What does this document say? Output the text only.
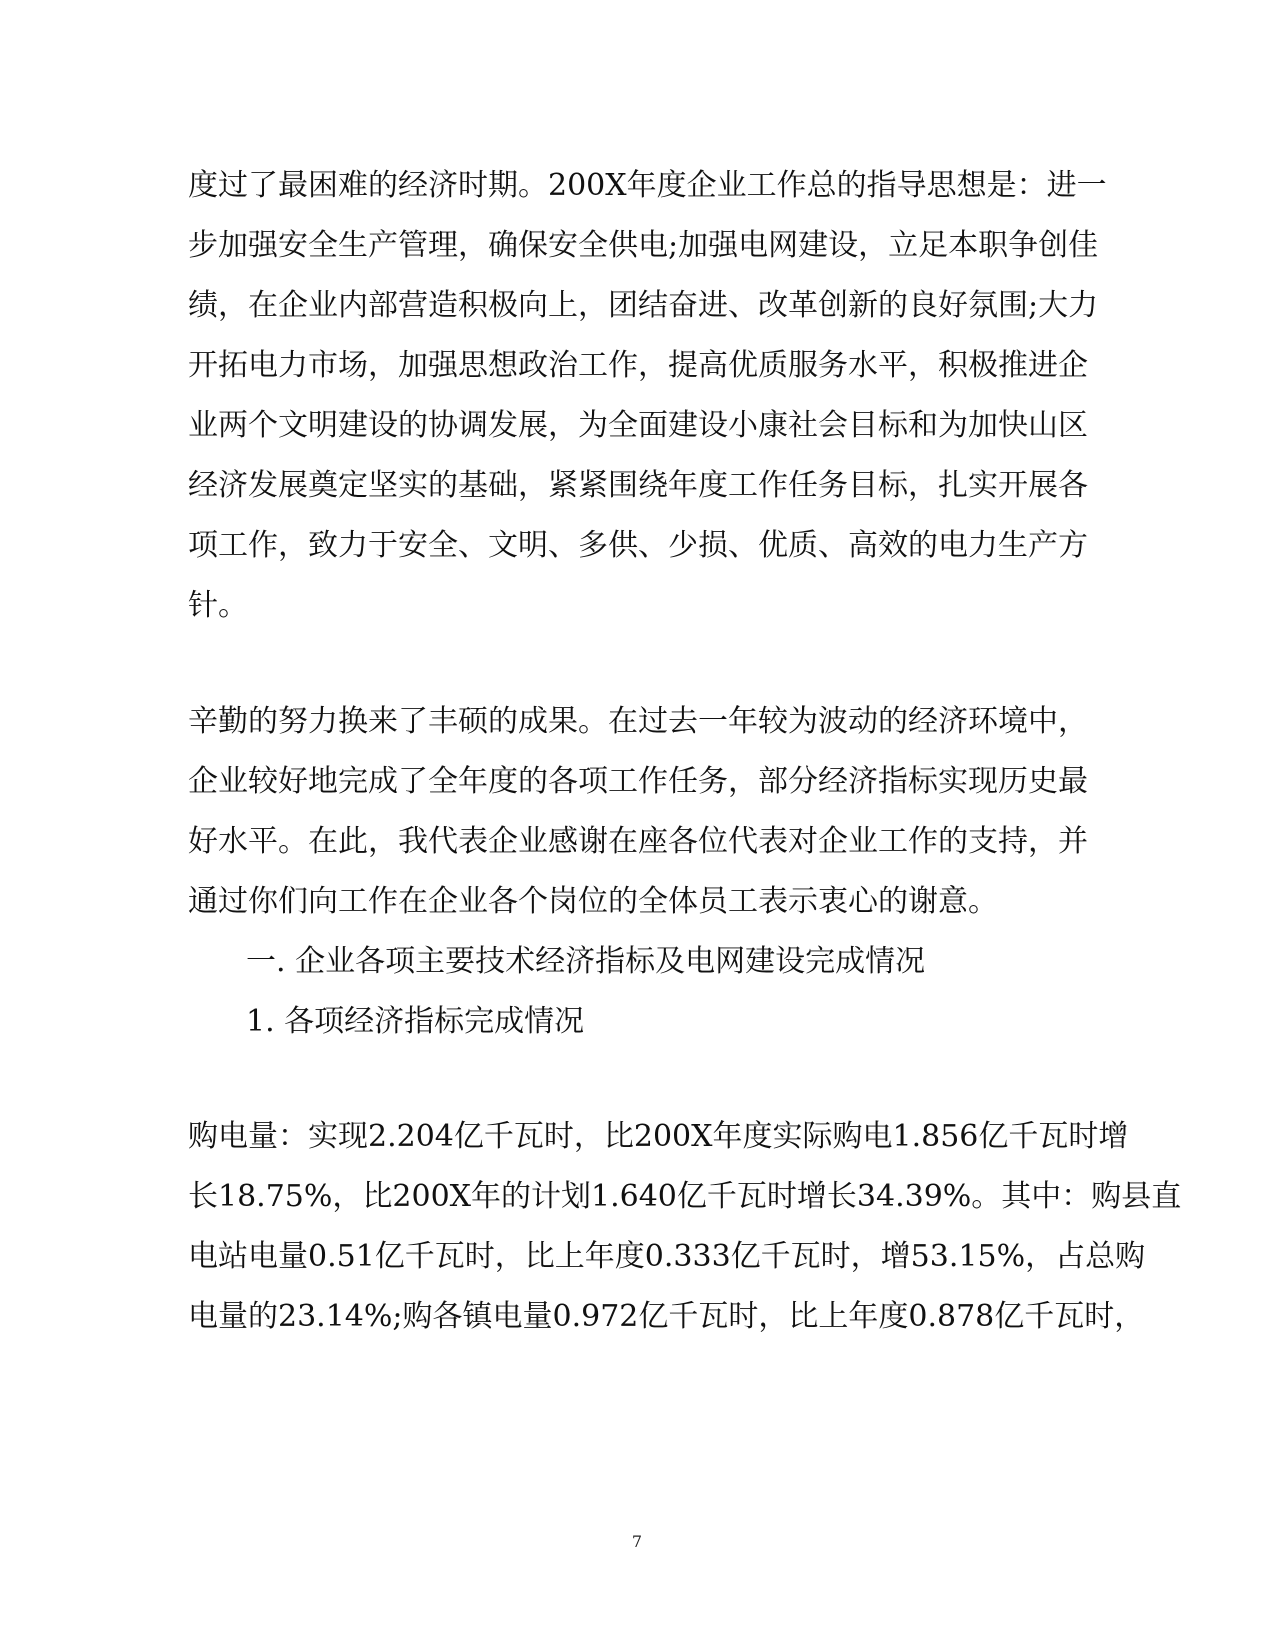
度过了最困难的经济时期。200X年度企业工作总的指导思想是：进一
步加强安全生产管理，确保安全供电;加强电网建设，立足本职争创佳
绩，在企业内部营造积极向上，团结奋进、改革创新的良好氛围;大力
开拓电力市场，加强思想政治工作，提高优质服务水平，积极推进企
业两个文明建设的协调发展，为全面建设小康社会目标和为加快山区
经济发展奠定坚实的基础，紧紧围绕年度工作任务目标，扎实开展各
项工作，致力于安全、文明、多供、少损、优质、高效的电力生产方
针。
辛勤的努力换来了丰硕的成果。在过去一年较为波动的经济环境中，
企业较好地完成了全年度的各项工作任务，部分经济指标实现历史最
好水平。在此，我代表企业感谢在座各位代表对企业工作的支持，并
通过你们向工作在企业各个岗位的全体员工表示衷心的谢意。
一. 企业各项主要技术经济指标及电网建设完成情况
1. 各项经济指标完成情况
购电量：实现2.204亿千瓦时，比200X年度实际购电1.856亿千瓦时增
长18.75%，比200X年的计划1.640亿千瓦时增长34.39%。其中：购县直
电站电量0.51亿千瓦时，比上年度0.333亿千瓦时，增53.15%，占总购
电量的23.14%;购各镇电量0.972亿千瓦时，比上年度0.878亿千瓦时，
7
